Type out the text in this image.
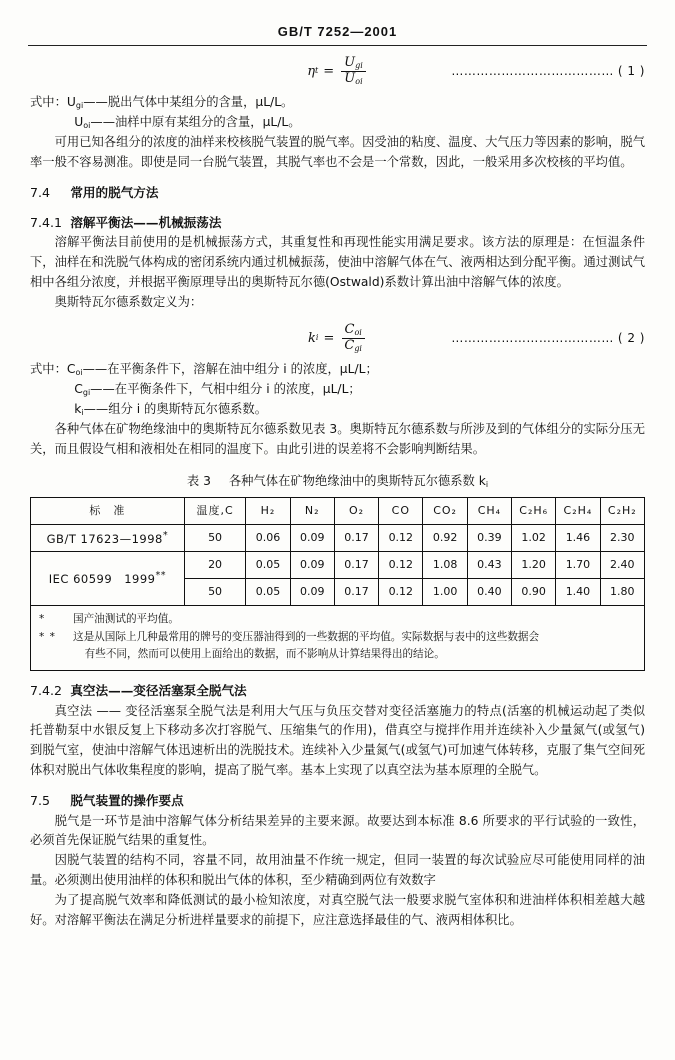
GB/T 7252—2001
η $t = \frac{U_{gi}}{U_{oi}}$	………………………………… ( 1 )

式中：$U_{gi}——$脱出气体中某组分的含量，μL/L。

$U_{oi}——$油样中原有某组分的含量，μL/L。

可用已知各组分的浓度的油样来校核脱气装置的脱气率。因受油的粘度、温度、大气压力等因素的影响，脱气率一般不容易测准。即使是同一台脱气装置，其脱气率也不会是一个常数，因此，一般采用多次校核的平均值。

7.4 常用的脱气方法

7.4.1 溶解平衡法——机械振荡法

溶解平衡法目前使用的是机械振荡方式，其重复性和再现性能实用满足要求。该方法的原理是：在恒温条件下，油样在和洗脱气体构成的密闭系统内通过机械振荡，使油中溶解气体在气、液两相达到分配平衡。通过测试气相中各组分浓度，并根据平衡原理导出的奥斯特瓦尔德(Ostwald)系数计算出油中溶解气体的浓度。

奥斯特瓦尔德系数定义为：

k $i = \frac{C_{oi}}{C_{gi}}$	………………………………… ( 2 )

式中：$C_{oi}——$在平衡条件下，溶解在油中组分 i 的浓度，μL/L；

$C_{gi}——$在平衡条件下，气相中组分 i 的浓度，μL/L；

$k_i——$组分 i 的奥斯特瓦尔德系数。

各种气体在矿物绝缘油中的奥斯特瓦尔德系数见表 3。奥斯特瓦尔德系数与所涉及到的气体组分的实际分压无关，而且假设气相和液相处在相同的温度下。由此引进的误差将不会影响判断结果。

表 3 各种气体在矿物绝缘油中的奥斯特瓦尔德系数 $k_i$

标　准	温度,C	H₂	N₂	O₂	CO	CO₂	CH₄	C₂H₆	C₂H₄	C₂H₂
GB/T 17623—1998*	50	0.06	0.09	0.17	0.12	0.92	0.39	1.02	1.46	2.30
IEC 60599　1999**	20	0.05	0.09	0.17	0.12	1.08	0.43	1.20	1.70	2.40
	50	0.05	0.09	0.17	0.12	1.00	0.40	0.90	1.40	1.80
*	国产油测试的平均值。
* *	这是从国际上几种最常用的牌号的变压器油得到的一些数据的平均值。实际数据与表中的这些数据会
有些不同，然而可以使用上面给出的数据，而不影响从计算结果得出的结论。

7.4.2 真空法——变径活塞泵全脱气法

真空法 —— 变径活塞泵全脱气法是利用大气压与负压交替对变径活塞施力的特点(活塞的机械运动起了类似托普勒泵中水银反复上下移动多次打容脱气、压缩集气的作用)，借真空与搅拌作用并连续补入少量氮气(或氢气)到脱气室，使油中溶解气体迅速析出的洗脱技术。连续补入少量氮气(或氢气)可加速气体转移，克服了集气空间死体积对脱出气体收集程度的影响，提高了脱气率。基本上实现了以真空法为基本原理的全脱气。

7.5 脱气装置的操作要点

脱气是一环节是油中溶解气体分析结果差异的主要来源。故要达到本标准 8.6 所要求的平行试验的一致性，必须首先保证脱气结果的重复性。

因脱气装置的结构不同，容量不同，故用油量不作统一规定，但同一装置的每次试验应尽可能使用同样的油量。必须测出使用油样的体积和脱出气体的体积，至少精确到两位有效数字

为了提高脱气效率和降低测试的最小检知浓度，对真空脱气法一般要求脱气室体积和进油样体积相差越大越好。对溶解平衡法在满足分析进样量要求的前提下，应注意选择最佳的气、液两相体积比。
